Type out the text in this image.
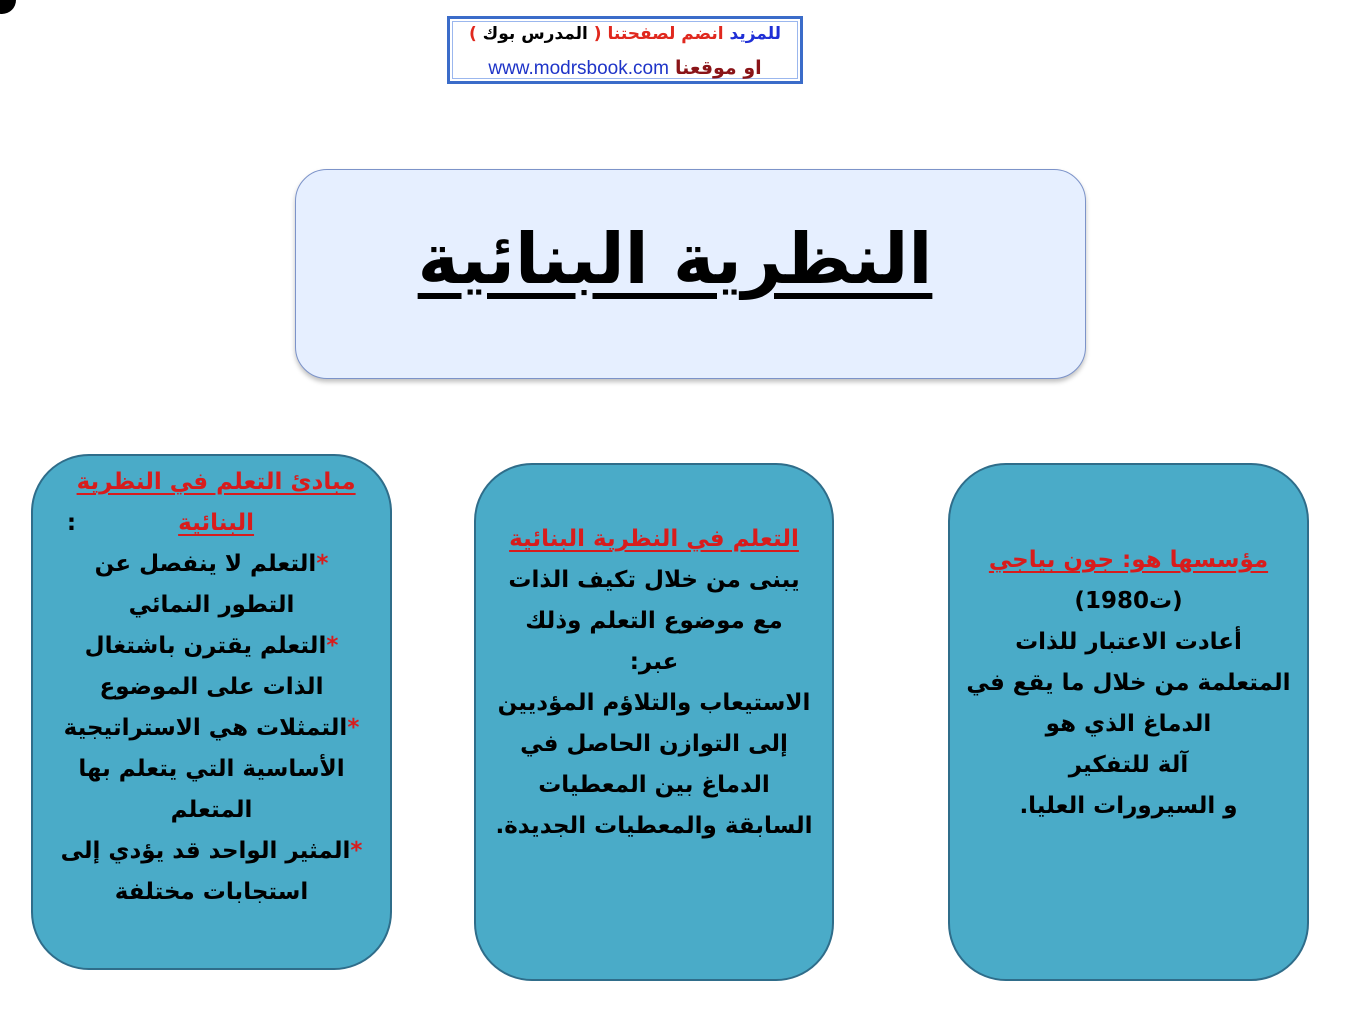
للمزيد انضم لصفحتنا ( المدرس بوك )
او موقعنا www.modrsbook.com
النظرية البنائية

مبادئ التعلم في النظرية البنائية:

*التعلم لا ينفصل عن

التطور النمائي

*التعلم يقترن باشتغال

الذات على الموضوع

*التمثلات هي الاستراتيجية

الأساسية التي يتعلم بها

المتعلم

*المثير الواحد قد يؤدي إلى

استجابات مختلفة

التعلم في النظرية البنائية

يبنى من خلال تكيف الذات

مع موضوع التعلم وذلك

عبر:

الاستيعاب والتلاؤم المؤديين

إلى التوازن الحاصل في

الدماغ بين المعطيات

السابقة والمعطيات الجديدة.

مؤسسها هو: جون بياجي

(ت1980)

أعادت الاعتبار للذات

المتعلمة من خلال ما يقع في

الدماغ الذي هو

آلة للتفكير

و السيرورات العليا.
